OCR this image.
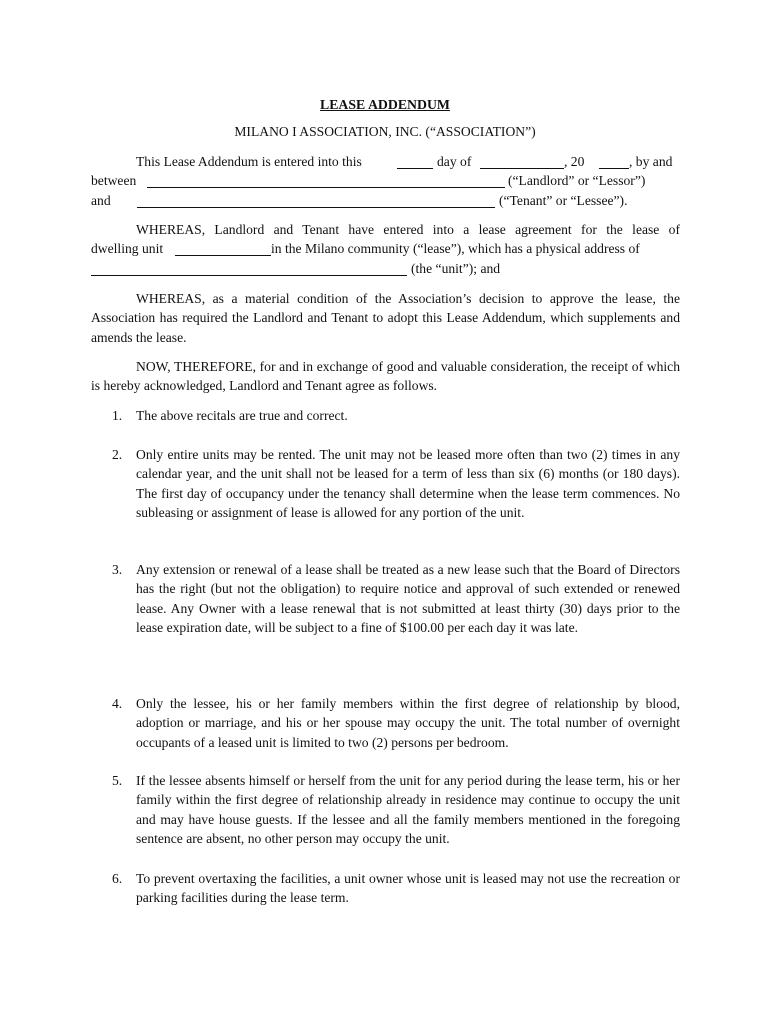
LEASE ADDENDUM
MILANO I ASSOCIATION, INC. (“ASSOCIATION”)
This Lease Addendum is entered into this	day of	, 20	, by and
between	(“Landlord” or “Lessor”)
and	(“Tenant” or “Lessee”).
WHEREAS, Landlord and Tenant have entered into a lease agreement for the lease of
dwelling unit	in the Milano community (“lease”), which has a physical address of
(the “unit”); and
WHEREAS, as a material condition of the Association’s decision to approve the lease, the Association has required the Landlord and Tenant to adopt this Lease Addendum, which supplements and amends the lease.
NOW, THEREFORE, for and in exchange of good and valuable consideration, the receipt of which is hereby acknowledged, Landlord and Tenant agree as follows.
1. The above recitals are true and correct.
2. Only entire units may be rented. The unit may not be leased more often than two (2) times in any calendar year, and the unit shall not be leased for a term of less than six (6) months (or 180 days). The first day of occupancy under the tenancy shall determine when the lease term commences. No subleasing or assignment of lease is allowed for any portion of the unit.
3. Any extension or renewal of a lease shall be treated as a new lease such that the Board of Directors has the right (but not the obligation) to require notice and approval of such extended or renewed lease. Any Owner with a lease renewal that is not submitted at least thirty (30) days prior to the lease expiration date, will be subject to a fine of $100.00 per each day it was late.
4. Only the lessee, his or her family members within the first degree of relationship by blood, adoption or marriage, and his or her spouse may occupy the unit. The total number of overnight occupants of a leased unit is limited to two (2) persons per bedroom.
5. If the lessee absents himself or herself from the unit for any period during the lease term, his or her family within the first degree of relationship already in residence may continue to occupy the unit and may have house guests. If the lessee and all the family members mentioned in the foregoing sentence are absent, no other person may occupy the unit.
6. To prevent overtaxing the facilities, a unit owner whose unit is leased may not use the recreation or parking facilities during the lease term.
